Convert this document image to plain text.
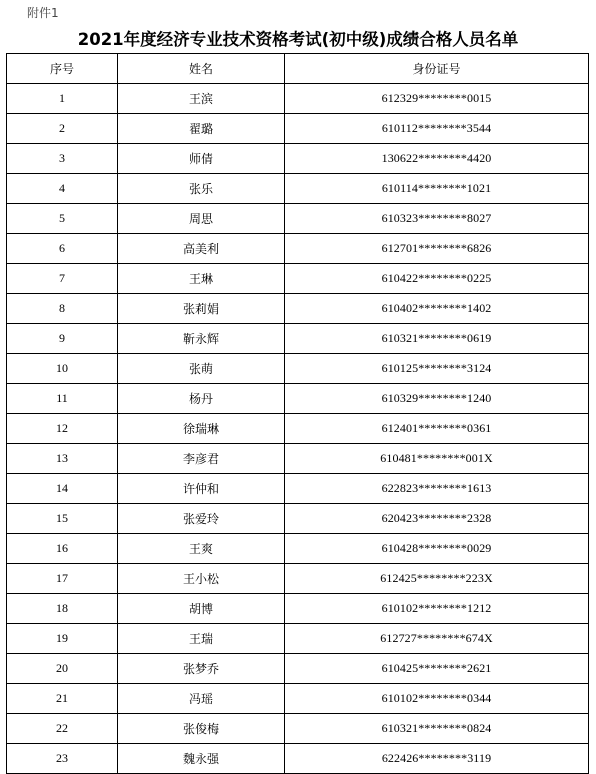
附件1
2021年度经济专业技术资格考试(初中级)成绩合格人员名单
序号	姓名	身份证号
1	王滨	612329********0015
2	翟璐	610112********3544
3	师倩	130622********4420
4	张乐	610114********1021
5	周思	610323********8027
6	高美利	612701********6826
7	王琳	610422********0225
8	张莉娟	610402********1402
9	靳永辉	610321********0619
10	张萌	610125********3124
11	杨丹	610329********1240
12	徐瑞琳	612401********0361
13	李彦君	610481********001X
14	许仲和	622823********1613
15	张爱玲	620423********2328
16	王爽	610428********0029
17	王小松	612425********223X
18	胡博	610102********1212
19	王瑞	612727********674X
20	张梦乔	610425********2621
21	冯瑶	610102********0344
22	张俊梅	610321********0824
23	魏永强	622426********3119
